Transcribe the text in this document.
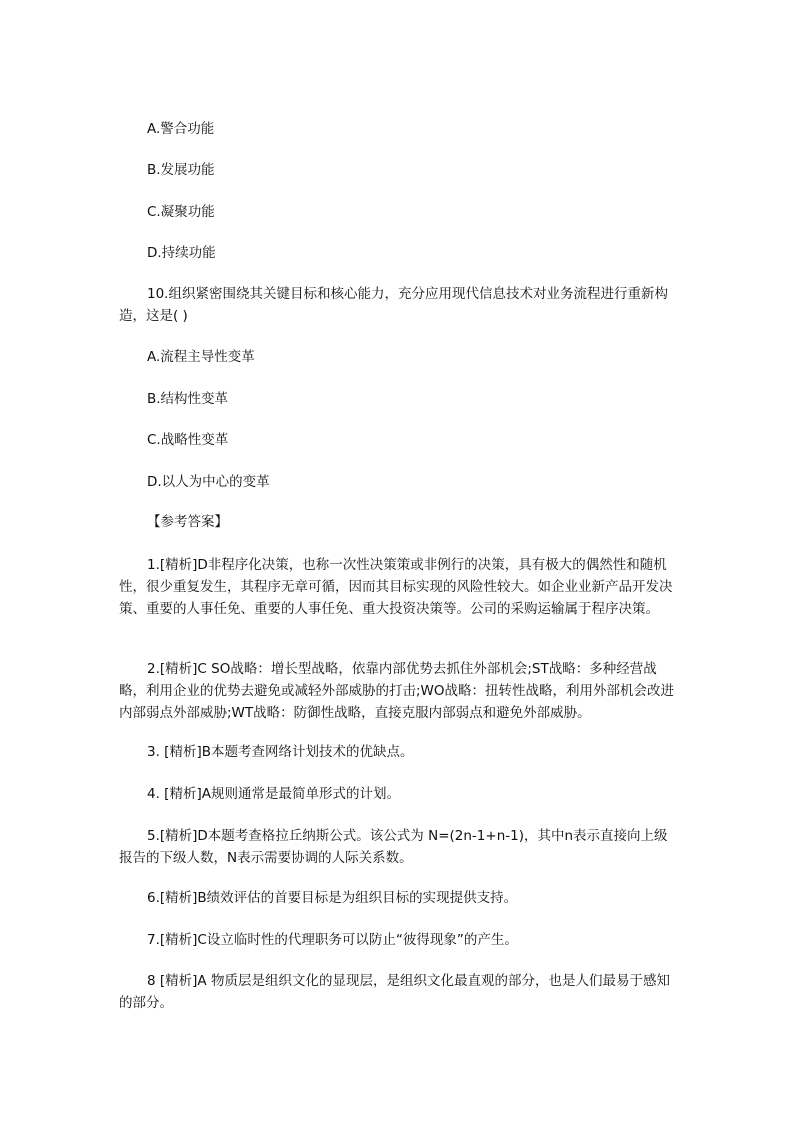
A.警合功能

B.发展功能

C.凝聚功能

D.持续功能

10.组织紧密围绕其关键目标和核心能力，充分应用现代信息技术对业务流程进行重新构造，这是( )

A.流程主导性变革

B.结构性变革

C.战略性变革

D.以人为中心的变革

【参考答案】

1.[精析]D非程序化决策，也称一次性决策策或非例行的决策，具有极大的偶然性和随机性，很少重复发生，其程序无章可循，因而其目标实现的风险性较大。如企业业新产品开发决策、重要的人事任免、重要的人事任免、重大投资决策等。公司的采购运输属于程序决策。

2.[精析]C SO战略：增长型战略，依靠内部优势去抓住外部机会;ST战略：多种经营战略，利用企业的优势去避免或减轻外部威胁的打击;WO战略：扭转性战略，利用外部机会改进内部弱点外部威胁;WT战略：防御性战略，直接克服内部弱点和避免外部威胁。

3. [精析]B本题考查网络计划技术的优缺点。

4. [精析]A规则通常是最简单形式的计划。

5.[精析]D本题考查格拉丘纳斯公式。该公式为 N=(2n-1+n-1)，其中n表示直接向上级报告的下级人数，N表示需要协调的人际关系数。

6.[精析]B绩效评估的首要目标是为组织目标的实现提供支持。

7.[精析]C设立临时性的代理职务可以防止“彼得现象”的产生。

8 [精析]A 物质层是组织文化的显现层，是组织文化最直观的部分，也是人们最易于感知的部分。
